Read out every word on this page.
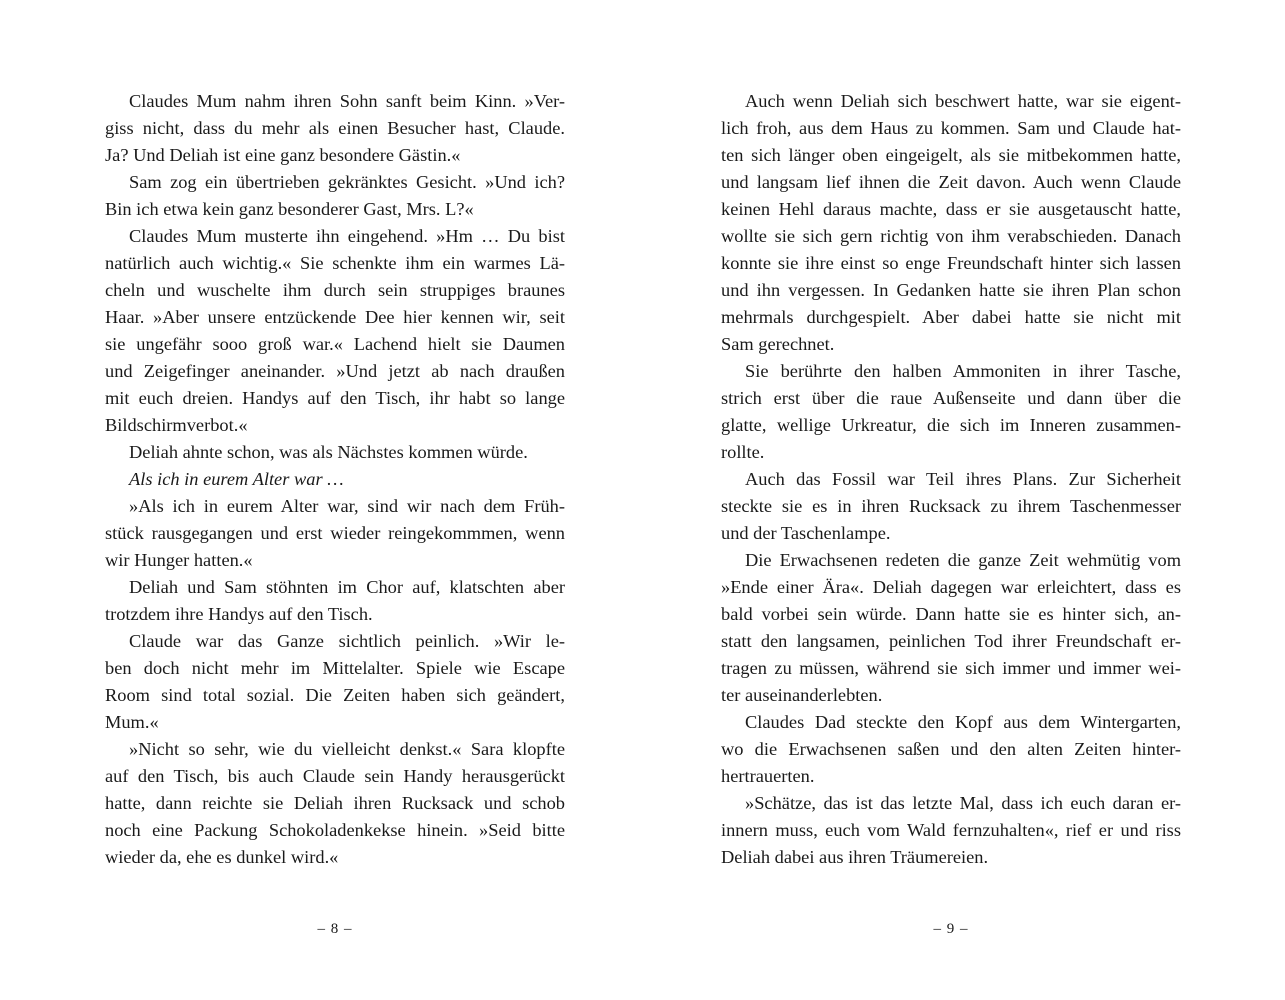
Claudes Mum nahm ihren Sohn sanft beim Kinn. »Ver-
giss nicht, dass du mehr als einen Besucher hast, Claude.
Ja? Und Deliah ist eine ganz besondere Gästin.«
Sam zog ein übertrieben gekränktes Gesicht. »Und ich?
Bin ich etwa kein ganz besonderer Gast, Mrs. L?«
Claudes Mum musterte ihn eingehend. »Hm … Du bist
natürlich auch wichtig.« Sie schenkte ihm ein warmes Lä-
cheln und wuschelte ihm durch sein struppiges braunes
Haar. »Aber unsere entzückende Dee hier kennen wir, seit
sie ungefähr sooo groß war.« Lachend hielt sie Daumen
und Zeigefinger aneinander. »Und jetzt ab nach draußen
mit euch dreien. Handys auf den Tisch, ihr habt so lange
Bildschirmverbot.«
Deliah ahnte schon, was als Nächstes kommen würde.
Als ich in eurem Alter war …
»Als ich in eurem Alter war, sind wir nach dem Früh-
stück rausgegangen und erst wieder reingekommmen, wenn
wir Hunger hatten.«
Deliah und Sam stöhnten im Chor auf, klatschten aber
trotzdem ihre Handys auf den Tisch.
Claude war das Ganze sichtlich peinlich. »Wir le-
ben doch nicht mehr im Mittelalter. Spiele wie Escape
Room sind total sozial. Die Zeiten haben sich geändert,
Mum.«
»Nicht so sehr, wie du vielleicht denkst.« Sara klopfte
auf den Tisch, bis auch Claude sein Handy herausgerückt
hatte, dann reichte sie Deliah ihren Rucksack und schob
noch eine Packung Schokoladenkekse hinein. »Seid bitte
wieder da, ehe es dunkel wird.«
– 8 –
Auch wenn Deliah sich beschwert hatte, war sie eigent-
lich froh, aus dem Haus zu kommen. Sam und Claude hat-
ten sich länger oben eingeigelt, als sie mitbekommen hatte,
und langsam lief ihnen die Zeit davon. Auch wenn Claude
keinen Hehl daraus machte, dass er sie ausgetauscht hatte,
wollte sie sich gern richtig von ihm verabschieden. Danach
konnte sie ihre einst so enge Freundschaft hinter sich lassen
und ihn vergessen. In Gedanken hatte sie ihren Plan schon
mehrmals durchgespielt. Aber dabei hatte sie nicht mit
Sam gerechnet.
Sie berührte den halben Ammoniten in ihrer Tasche,
strich erst über die raue Außenseite und dann über die
glatte, wellige Urkreatur, die sich im Inneren zusammen-
rollte.
Auch das Fossil war Teil ihres Plans. Zur Sicherheit
steckte sie es in ihren Rucksack zu ihrem Taschenmesser
und der Taschenlampe.
Die Erwachsenen redeten die ganze Zeit wehmütig vom
»Ende einer Ära«. Deliah dagegen war erleichtert, dass es
bald vorbei sein würde. Dann hatte sie es hinter sich, an-
statt den langsamen, peinlichen Tod ihrer Freundschaft er-
tragen zu müssen, während sie sich immer und immer wei-
ter auseinanderlebten.
Claudes Dad steckte den Kopf aus dem Wintergarten,
wo die Erwachsenen saßen und den alten Zeiten hinter-
hertrauerten.
»Schätze, das ist das letzte Mal, dass ich euch daran er-
innern muss, euch vom Wald fernzuhalten«, rief er und riss
Deliah dabei aus ihren Träumereien.
– 9 –
